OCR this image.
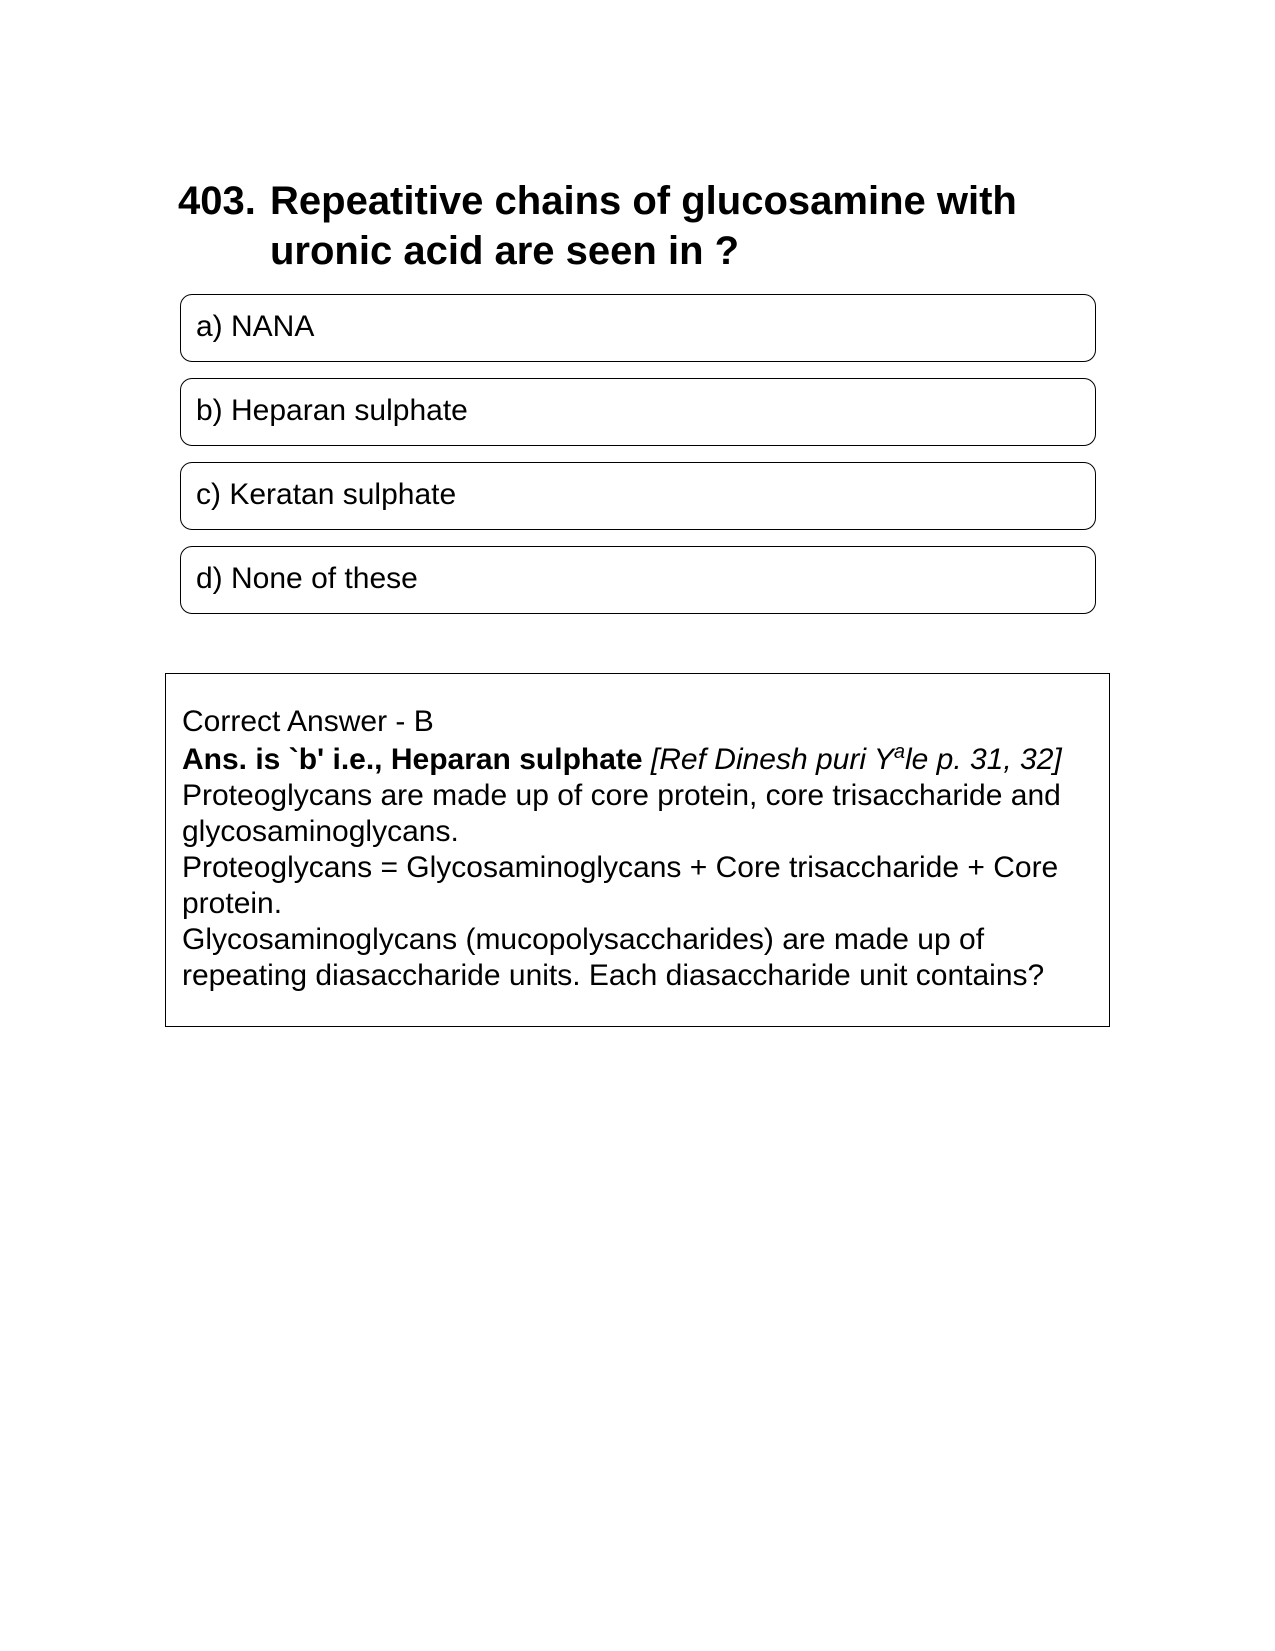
403. Repeatitive chains of glucosamine with uronic acid are seen in ?
a) NANA
b) Heparan sulphate
c) Keratan sulphate
d) None of these

Correct Answer - B

Ans. is `b' i.e., Heparan sulphate [Ref Dinesh puri $Y^ale$ p. 31, 32]

Proteoglycans are made up of core protein, core trisaccharide and glycosaminoglycans.

Proteoglycans = Glycosaminoglycans + Core trisaccharide + Core protein.

Glycosaminoglycans (mucopolysaccharides) are made up of repeating diasaccharide units. Each diasaccharide unit contains?
